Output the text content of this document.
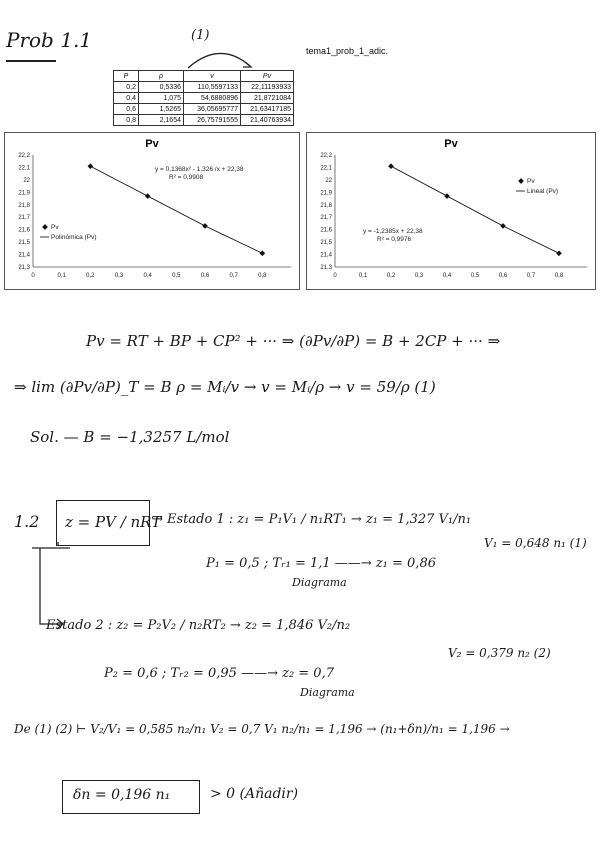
Prob 1.1	(1)
tema1_prob_1_adic.
P	ρ	v	Pv
0,2	0,5336	110,5597133	22,11193933
0,4	1,075	54,6880896	21,8721084
0,6	1,5265	36,05695777	21,63417185
0,8	2,1654	26,75791555	21,40763934
Pv
21,3
21,4
21,5
21,6
21,7
21,8
21,9
22
22,1
22,2
0	0,1	0,2	0,3	0,4	0,5	0,6	0,7	0,8
y = 0,1368x² - 1,326 /x + 22,38
R² = 0,9908
Pv
Polinómica (Pv)
Pv
21,3
21,4
21,5
21,6
21,7
21,8
21,9
22
22,1
22,2
0	0,1	0,2	0,3	0,4	0,5	0,6	0,7	0,8
y = -1,2385x + 22,38
R² = 0,9976
Pv
Lineal (Pv)
Pv = RT + BP + CP² + ··· ⇒ (∂Pv/∂P) = B + 2CP + ··· ⇒
⇒ lim (∂Pv/∂P)_T = B ρ = Mᵢ/v → v = Mᵢ/ρ → v = 59/ρ (1)
Sol. — B = −1,3257 L/mol
1.2 z = PV / nRT
→ Estado 1 : z₁ = P₁V₁ / n₁RT₁ → z₁ = 1,327 V₁/n₁
P₁ = 0,5 ; Tᵣ₁ = 1,1 ——→ z₁ = 0,86
Diagrama
V₁ = 0,648 n₁ (1)
Estado 2 : z₂ = P₂V₂ / n₂RT₂ → z₂ = 1,846 V₂/n₂
P₂ = 0,6 ; Tᵣ₂ = 0,95 ——→ z₂ = 0,7
Diagrama
V₂ = 0,379 n₂ (2)
De (1) (2) ⊢ V₂/V₁ = 0,585 n₂/n₁ V₂ = 0,7 V₁ n₂/n₁ = 1,196 → (n₁+δn)/n₁ = 1,196 →
δn = 0,196 n₁	> 0 (Añadir)
